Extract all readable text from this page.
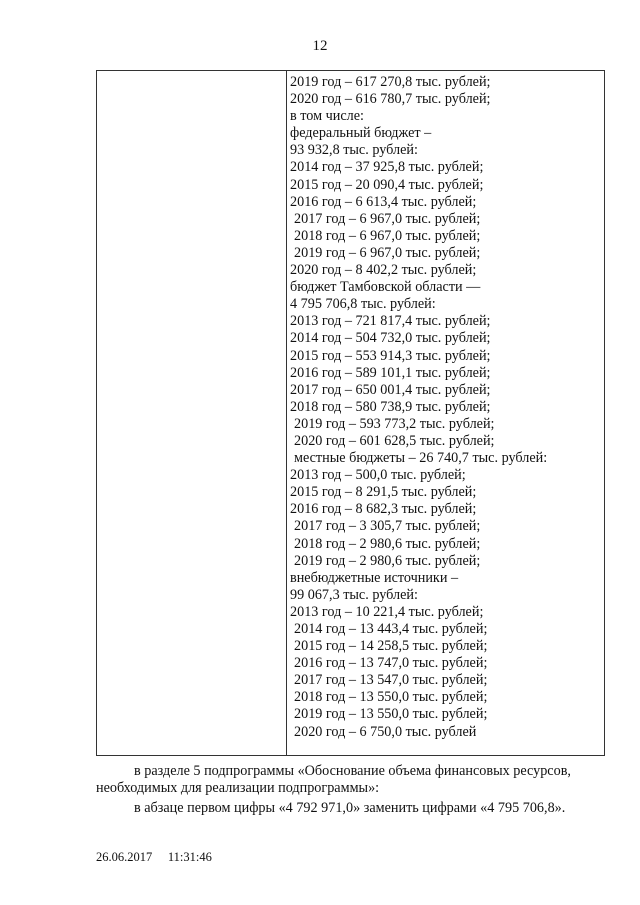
12
2019 год – 617 270,8 тыс. рублей;
2020 год – 616 780,7 тыс. рублей;
в том числе:
федеральный бюджет –
93 932,8 тыс. рублей:
2014 год – 37 925,8 тыс. рублей;
2015 год – 20 090,4 тыс. рублей;
2016 год – 6 613,4 тыс. рублей;
2017 год – 6 967,0 тыс. рублей;
2018 год – 6 967,0 тыс. рублей;
2019 год – 6 967,0 тыс. рублей;
2020 год – 8 402,2 тыс. рублей;
бюджет Тамбовской области —
4 795 706,8 тыс. рублей:
2013 год – 721 817,4 тыс. рублей;
2014 год – 504 732,0 тыс. рублей;
2015 год – 553 914,3 тыс. рублей;
2016 год – 589 101,1 тыс. рублей;
2017 год – 650 001,4 тыс. рублей;
2018 год – 580 738,9 тыс. рублей;
2019 год – 593 773,2 тыс. рублей;
2020 год – 601 628,5 тыс. рублей;
местные бюджеты – 26 740,7 тыс. рублей:
2013 год – 500,0 тыс. рублей;
2015 год – 8 291,5 тыс. рублей;
2016 год – 8 682,3 тыс. рублей;
2017 год – 3 305,7 тыс. рублей;
2018 год – 2 980,6 тыс. рублей;
2019 год – 2 980,6 тыс. рублей;
внебюджетные источники –
99 067,3 тыс. рублей:
2013 год – 10 221,4 тыс. рублей;
2014 год – 13 443,4 тыс. рублей;
2015 год – 14 258,5 тыс. рублей;
2016 год – 13 747,0 тыс. рублей;
2017 год – 13 547,0 тыс. рублей;
2018 год – 13 550,0 тыс. рублей;
2019 год – 13 550,0 тыс. рублей;
2020 год – 6 750,0 тыс. рублей
в разделе 5 подпрограммы «Обоснование объема финансовых ресурсов,
необходимых для реализации подпрограммы»:
в абзаце первом цифры «4 792 971,0» заменить цифрами «4 795 706,8».
26.06.2017 11:31:46
